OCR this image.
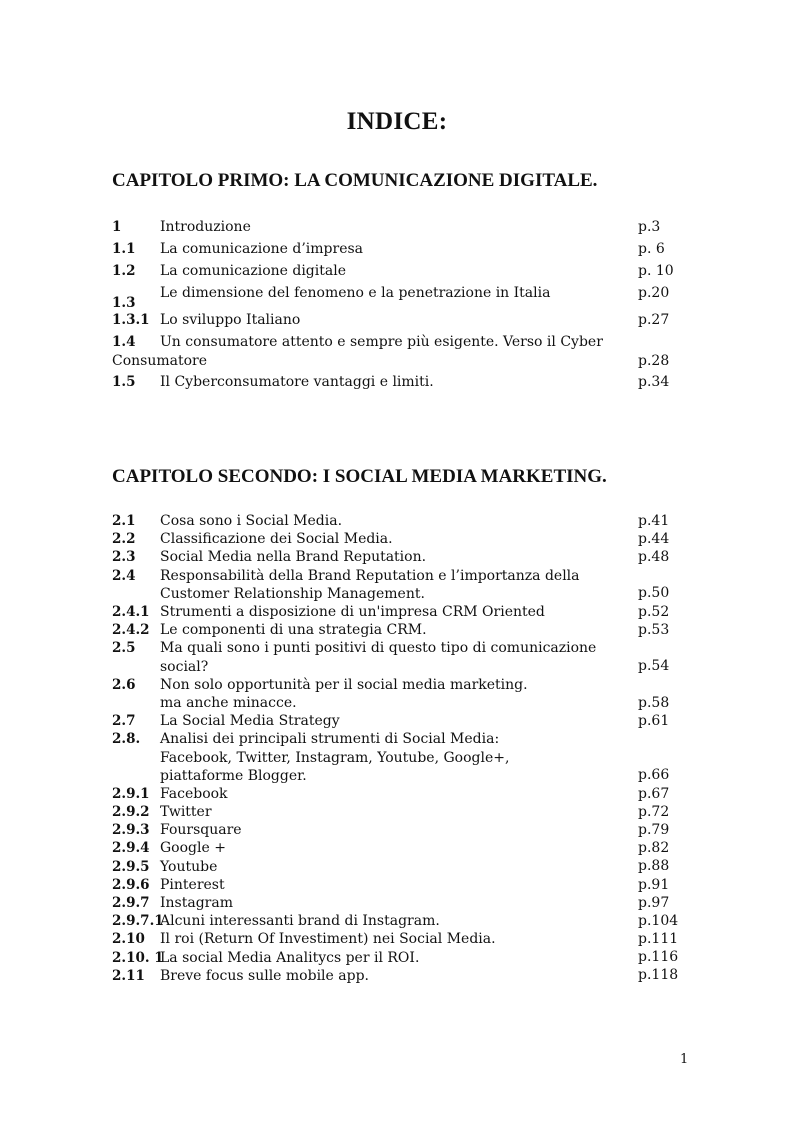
INDICE:
CAPITOLO PRIMO: LA COMUNICAZIONE DIGITALE.
1	Introduzione	p.3
1.1 La comunicazione d’impresa	p. 6
1.2 La comunicazione digitale	p. 10
1.3
Le dimensione del fenomeno e la penetrazione in Italia	p.20
1.3.1 Lo sviluppo Italiano	p.27
1.4 Un consumatore attento e sempre più esigente. Verso il Cyber
Consumatore	p.28
1.5 Il Cyberconsumatore vantaggi e limiti.	p.34
CAPITOLO SECONDO: I SOCIAL MEDIA MARKETING.
2.1 Cosa sono i Social Media.	p.41
2.2 Classificazione dei Social Media.	p.44
2.3 Social Media nella Brand Reputation.	p.48
2.4 Responsabilità della Brand Reputation e l’importanza della
Customer Relationship Management.	p.50
2.4.1 Strumenti a disposizione di un'impresa CRM Oriented	p.52
2.4.2 Le componenti di una strategia CRM.	p.53
2.5 Ma quali sono i punti positivi di questo tipo di comunicazione
social?	p.54
2.6 Non solo opportunità per il social media marketing.
ma anche minacce.	p.58
2.7 La Social Media Strategy	p.61
2.8. Analisi dei principali strumenti di Social Media:
Facebook, Twitter, Instagram, Youtube, Google+,
piattaforme Blogger.	p.66
2.9.1 Facebook	p.67
2.9.2 Twitter	p.72
2.9.3 Foursquare	p.79
2.9.4 Google +	p.82
2.9.5 Youtube	p.88
2.9.6 Pinterest	p.91
2.9.7 Instagram	p.97
2.9.7.1
Alcuni interessanti brand di Instagram.	p.104
2.10 Il roi (Return Of Investiment) nei Social Media.	p.111
2.10. 1
La social Media Analitycs per il ROI.	p.116
2.11 Breve focus sulle mobile app.	p.118
1
